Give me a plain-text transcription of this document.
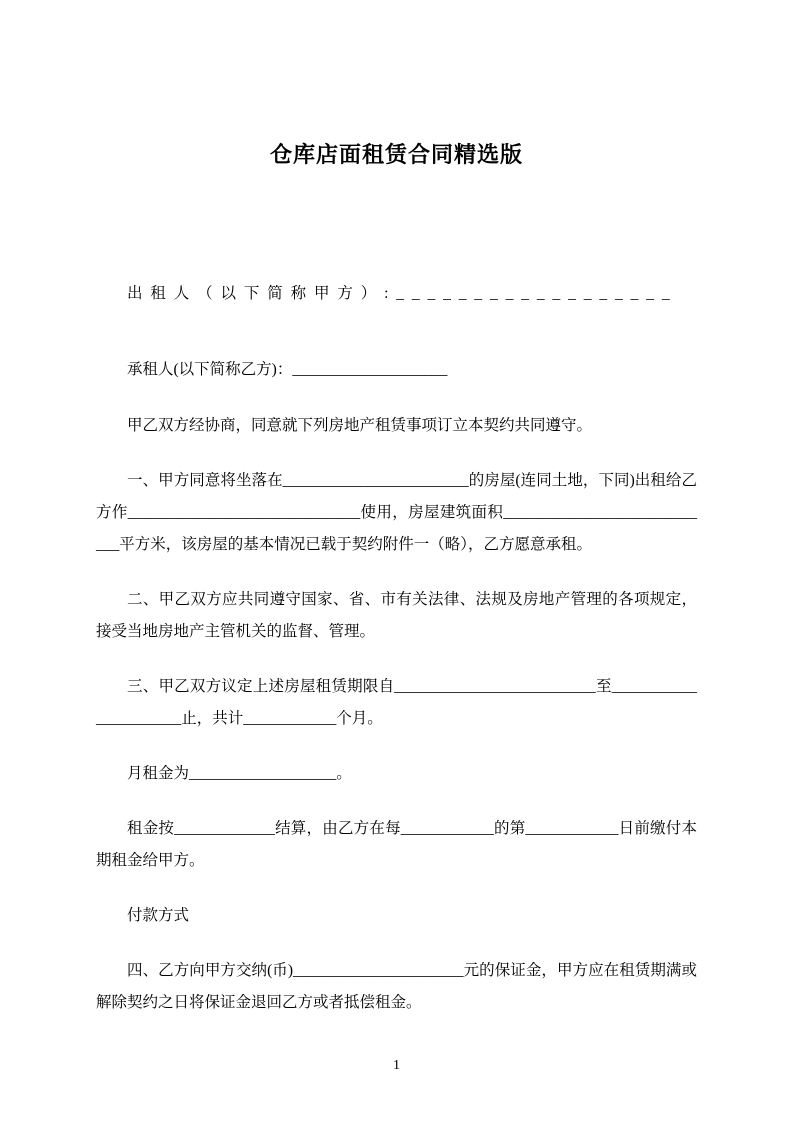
仓库店面租赁合同精选版

出 租 人 （ 以 下 简 称 甲 方 ） : _ _ _ _ _ _ _ _ _ _ _ _ _ _ _ _ _ _

承租人(以下简称乙方)：____________________

甲乙双方经协商，同意就下列房地产租赁事项订立本契约共同遵守。

一、甲方同意将坐落在________________________的房屋(连同土地，下同)出租给乙方作______________________________使用，房屋建筑面积____________________________平方米，该房屋的基本情况已载于契约附件一（略），乙方愿意承租。

二、甲乙双方应共同遵守国家、省、市有关法律、法规及房地产管理的各项规定，接受当地房地产主管机关的监督、管理。

三、甲乙双方议定上述房屋租赁期限自__________________________至______________________止，共计____________个月。

月租金为___________________。

租金按_____________结算，由乙方在每____________的第____________日前缴付本期租金给甲方。

付款方式

四、乙方向甲方交纳(币)______________________元的保证金，甲方应在租赁期满或解除契约之日将保证金退回乙方或者抵偿租金。

1
